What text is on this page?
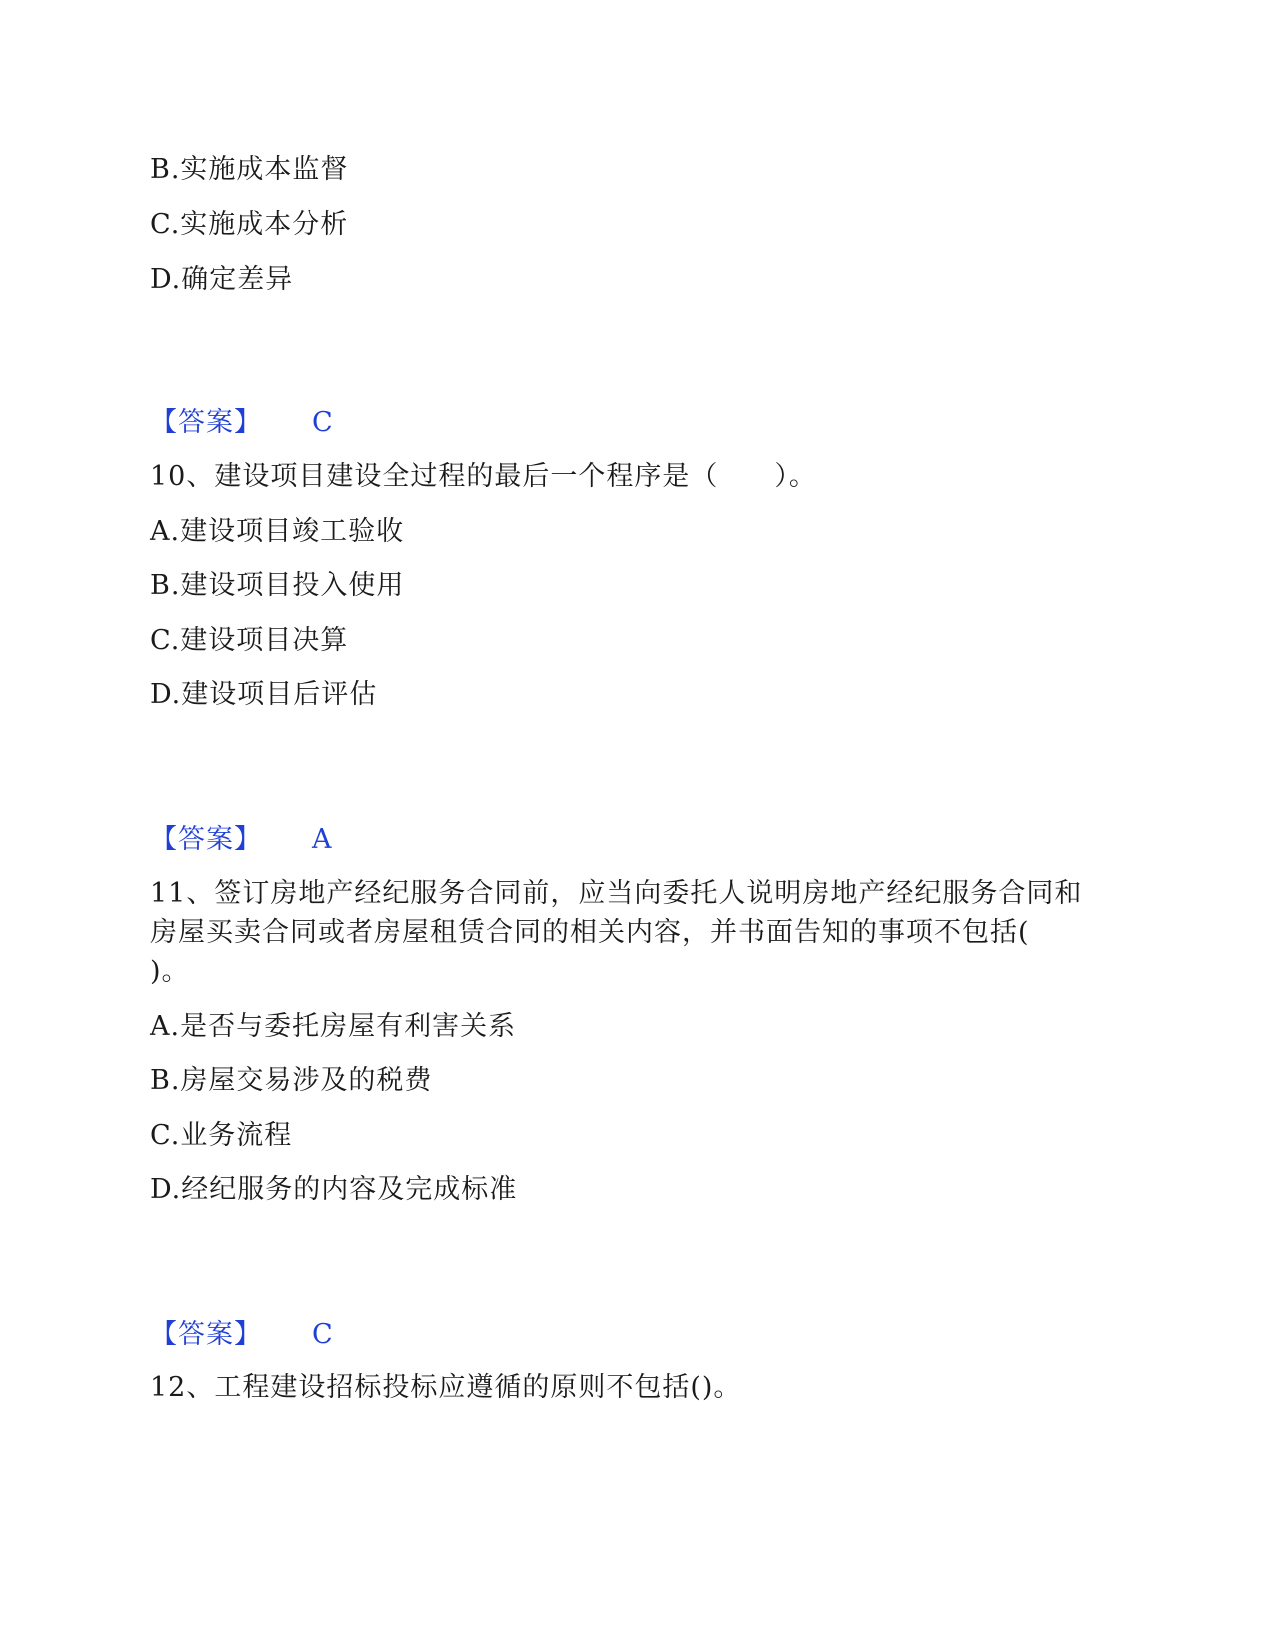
B.实施成本监督
C.实施成本分析
D.确定差异
【答案】 C
10、建设项目建设全过程的最后一个程序是（　　）。
A.建设项目竣工验收
B.建设项目投入使用
C.建设项目决算
D.建设项目后评估
【答案】 A
11、签订房地产经纪服务合同前，应当向委托人说明房地产经纪服务合同和
房屋买卖合同或者房屋租赁合同的相关内容，并书面告知的事项不包括(
)。
A.是否与委托房屋有利害关系
B.房屋交易涉及的税费
C.业务流程
D.经纪服务的内容及完成标准
【答案】 C
12、工程建设招标投标应遵循的原则不包括()。
